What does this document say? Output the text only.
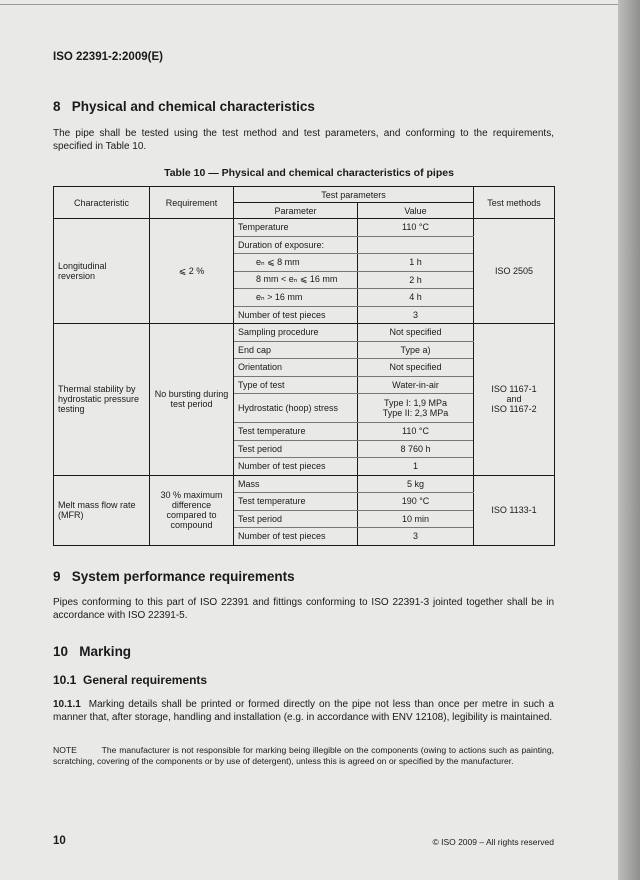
ISO 22391-2:2009(E)
8 Physical and chemical characteristics
The pipe shall be tested using the test method and test parameters, and conforming to the requirements, specified in Table 10.
Table 10 — Physical and chemical characteristics of pipes
Characteristic	Requirement	Test parameters		Test methods
		Parameter	Value	
Longitudinal reversion	⩽ 2 %	Temperature	110 °C	ISO 2505
		Duration of exposure:		
		eₙ ⩽ 8 mm	1 h	
		8 mm < eₙ ⩽ 16 mm	2 h	
		eₙ > 16 mm	4 h	
		Number of test pieces	3	
Thermal stability by hydrostatic pressure testing	No bursting during test period	Sampling procedure	Not specified	ISO 1167-1
and
ISO 1167-2
		End cap	Type a)	
		Orientation	Not specified	
		Type of test	Water-in-air	
		Hydrostatic (hoop) stress	Type I: 1,9 MPa
Type II: 2,3 MPa	
		Test temperature	110 °C	
		Test period	8 760 h	
		Number of test pieces	1	
Melt mass flow rate (MFR)	30 % maximum difference compared to compound	Mass	5 kg	ISO 1133-1
		Test temperature	190 °C	
		Test period	10 min	
		Number of test pieces	3	
9 System performance requirements
Pipes conforming to this part of ISO 22391 and fittings conforming to ISO 22391-3 jointed together shall be in accordance with ISO 22391-5.
10 Marking
10.1 General requirements
10.1.1 Marking details shall be printed or formed directly on the pipe not less than once per metre in such a manner that, after storage, handling and installation (e.g. in accordance with ENV 12108), legibility is maintained.
NOTE	The manufacturer is not responsible for marking being illegible on the components (owing to actions such as painting, scratching, covering of the components or by use of detergent), unless this is agreed on or specified by the manufacturer.
10	© ISO 2009 – All rights reserved
